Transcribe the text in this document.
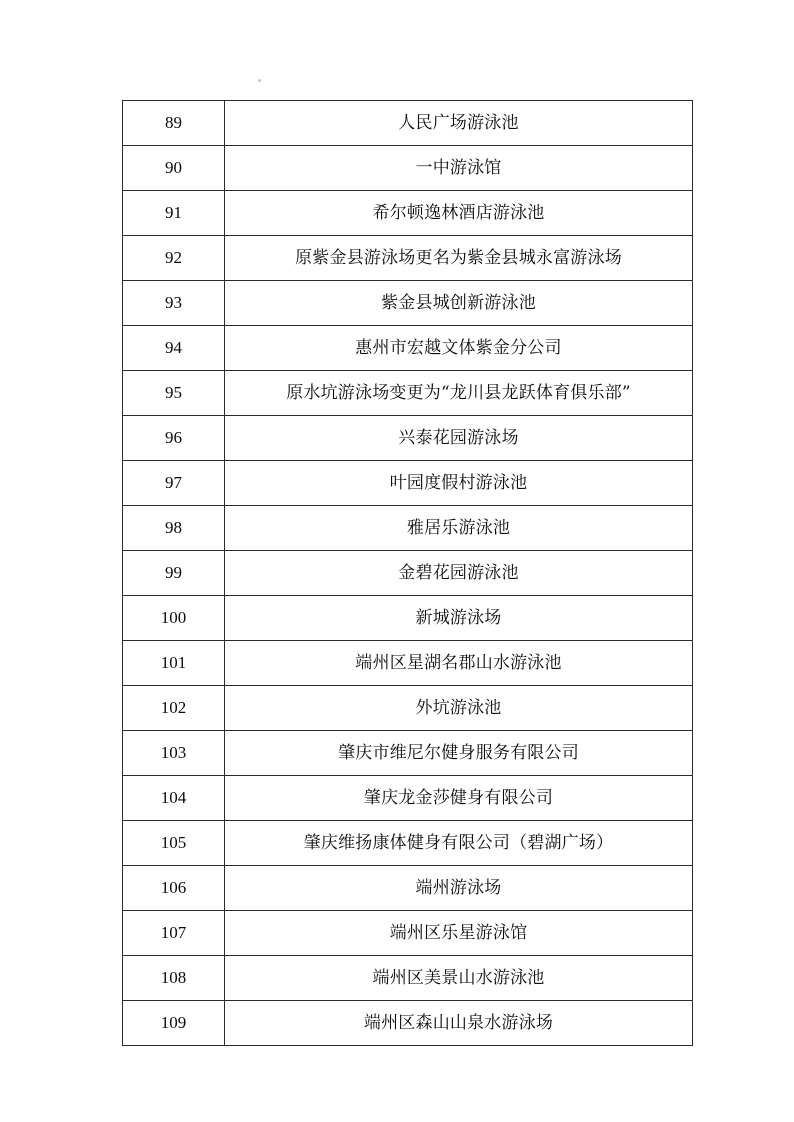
89	人民广场游泳池
90	一中游泳馆
91	希尔顿逸林酒店游泳池
92	原紫金县游泳场更名为紫金县城永富游泳场
93	紫金县城创新游泳池
94	惠州市宏越文体紫金分公司
95	原水坑游泳场变更为“龙川县龙跃体育俱乐部”
96	兴泰花园游泳场
97	叶园度假村游泳池
98	雅居乐游泳池
99	金碧花园游泳池
100	新城游泳场
101	端州区星湖名郡山水游泳池
102	外坑游泳池
103	肇庆市维尼尔健身服务有限公司
104	肇庆龙金莎健身有限公司
105	肇庆维扬康体健身有限公司（碧湖广场）
106	端州游泳场
107	端州区乐星游泳馆
108	端州区美景山水游泳池
109	端州区森山山泉水游泳场
